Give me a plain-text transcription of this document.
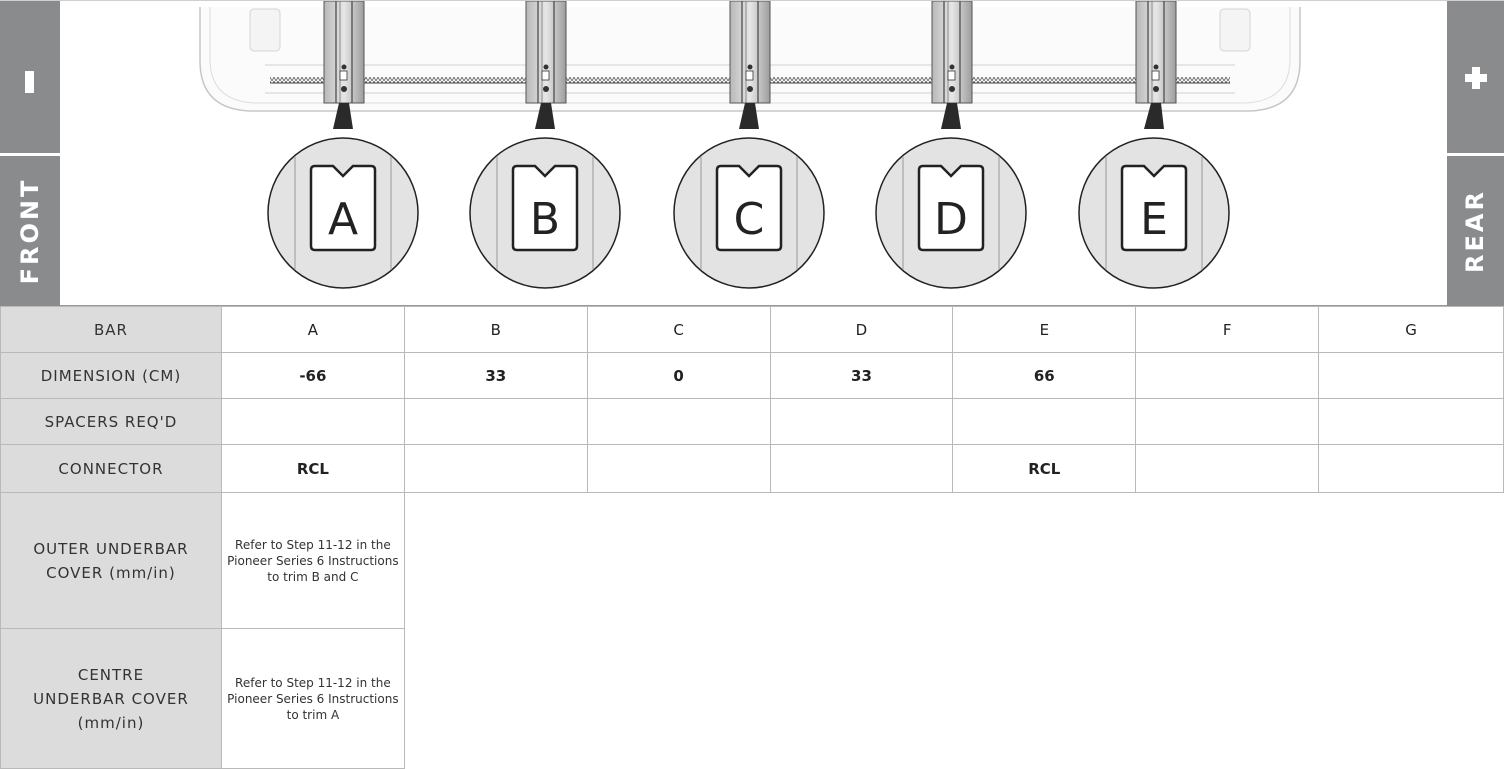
FRONT	REAR
A	B	C	D	E
BAR	A	B	C	D	E	F	G
DIMENSION (CM)	-66	33	0	33	66		
SPACERS REQ'D							
CONNECTOR	RCL				RCL		
OUTER UNDERBAR COVER (mm/in)	Refer to Step 11-12 in the Pioneer Series 6 Instructions to trim B and C						
CENTRE UNDERBAR COVER (mm/in)	Refer to Step 11-12 in the Pioneer Series 6 Instructions to trim A						
